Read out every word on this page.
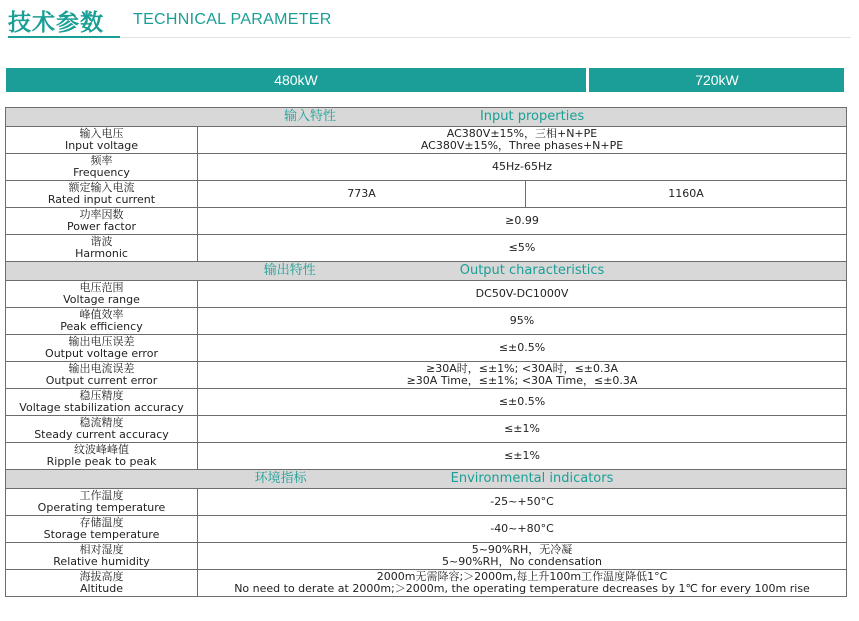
技术参数 TECHNICAL PARAMETER
480kW	720kW
输入特性 Input properties		

输入电压
Input voltage	AC380V±15%，三相+N+PE
AC380V±15%，Three phases+N+PE	

频率
Frequency	45Hz-65Hz	

额定输入电流
Rated input current	773A	1160A

功率因数
Power factor	≥0.99	

谐波
Harmonic	≤5%	
输出特性 Output characteristics		

电压范围
Voltage range	DC50V-DC1000V	

峰值效率
Peak efficiency	95%	

输出电压误差
Output voltage error	≤±0.5%	

输出电流误差
Output current error	≥30A时，≤±1%; <30A时，≤±0.3A
≥30A Time，≤±1%; <30A Time，≤±0.3A	

稳压精度
Voltage stabilization accuracy	≤±0.5%	

稳流精度
Steady current accuracy	≤±1%	

纹波峰峰值
Ripple peak to peak	≤±1%	
环境指标 Environmental indicators		

工作温度
Operating temperature	-25~+50°C	

存储温度
Storage temperature	-40~+80°C	

相对湿度
Relative humidity	5~90%RH，无冷凝
5~90%RH，No condensation	

海拔高度
Altitude	2000m无需降容;＞2000m,每上升100m工作温度降低1°C
No need to derate at 2000m;＞2000m, the operating temperature decreases by 1℃ for every 100m rise	
